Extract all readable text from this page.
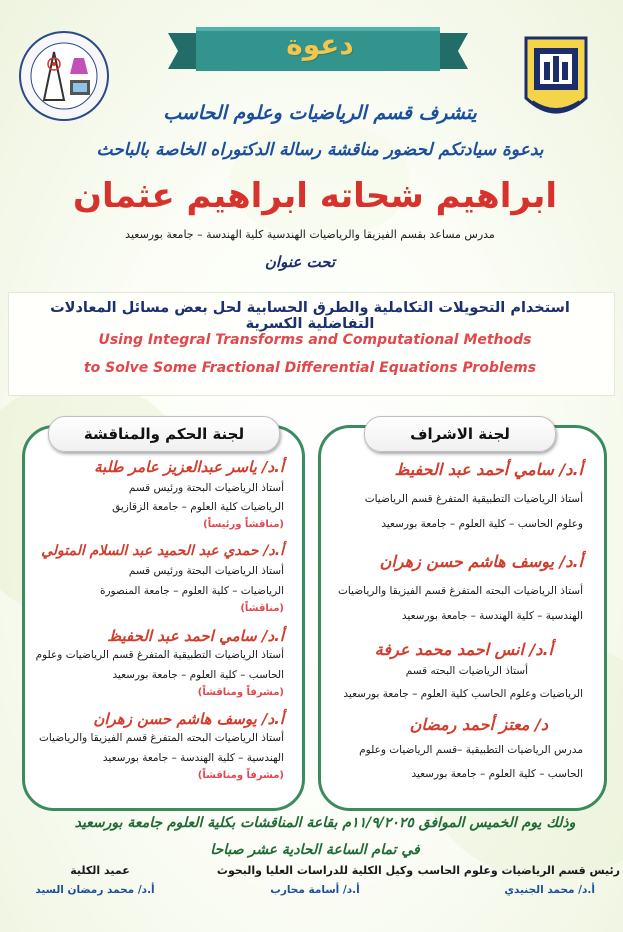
دعوة
يتشرف قسم الرياضيات وعلوم الحاسب
بدعوة سيادتكم لحضور مناقشة رسالة الدكتوراه الخاصة بالباحث
ابراهيم شحاته ابراهيم عثمان
مدرس مساعد بقسم الفيزيقا والرياضيات الهندسية كلية الهندسة – جامعة بورسعيد
تحت عنوان
استخدام التحويلات التكاملية والطرق الحسابية لحل بعض مسائل المعادلات التفاضلية الكسرية
Using Integral Transforms and Computational Methods
to Solve Some Fractional Differential Equations Problems
لجنة الحكم والمناقشة	لجنة الاشراف
أ.د/ ياسر عبدالعزيز عامر طلبة
أستاذ الرياضيات البحتة ورئيس قسم
الرياضيات كلية العلوم – جامعة الزقازيق
(مناقشاً ورئيساً)
أ.د/ حمدي عبد الحميد عبد السلام المتولي
أستاذ الرياضيات البحتة ورئيس قسم
الرياضيات – كلية العلوم – جامعة المنصورة
(مناقشاً)
أ.د/ سامي احمد عبد الحفيظ
أستاذ الرياضيات التطبيقية المتفرغ قسم الرياضيات وعلوم
الحاسب – كلية العلوم – جامعة بورسعيد
(مشرفاً ومناقشاً)
أ.د/ يوسف هاشم حسن زهران
أستاذ الرياضيات البحته المتفرغ قسم الفيزيقا والرياضيات
الهندسية – كلية الهندسة – جامعة بورسعيد
(مشرفاً ومناقشاً)
أ.د/ سامي أحمد عبد الحفيظ
أستاذ الرياضيات التطبيقية المتفرغ قسم الرياضيات
وعلوم الحاسب – كلية العلوم – جامعة بورسعيد
أ.د/ يوسف هاشم حسن زهران
أستاذ الرياضيات البحته المتفرغ قسم الفيزيقا والرياضيات
الهندسية – كلية الهندسة – جامعة بورسعيد
أ.د/ انس احمد محمد عرفة
أستاذ الرياضيات البحته قسم
الرياضيات وعلوم الحاسب كلية العلوم – جامعة بورسعيد
د/ معتز أحمد رمضان
مدرس الرياضيات التطبيقية –قسم الرياضيات وعلوم
الحاسب – كلية العلوم – جامعة بورسعيد
وذلك يوم الخميس الموافق ١١/٩/٢٠٢٥م بقاعة المناقشات بكلية العلوم جامعة بورسعيد
في تمام الساعة الحادية عشر صباحا
رئيس قسم الرياضيات وعلوم الحاسب
أ.د/ محمد الجنيدي
وكيل الكلية للدراسات العليا والبحوث
أ.د/ أسامة محارب
عميد الكلية
أ.د/ محمد رمضان السيد
